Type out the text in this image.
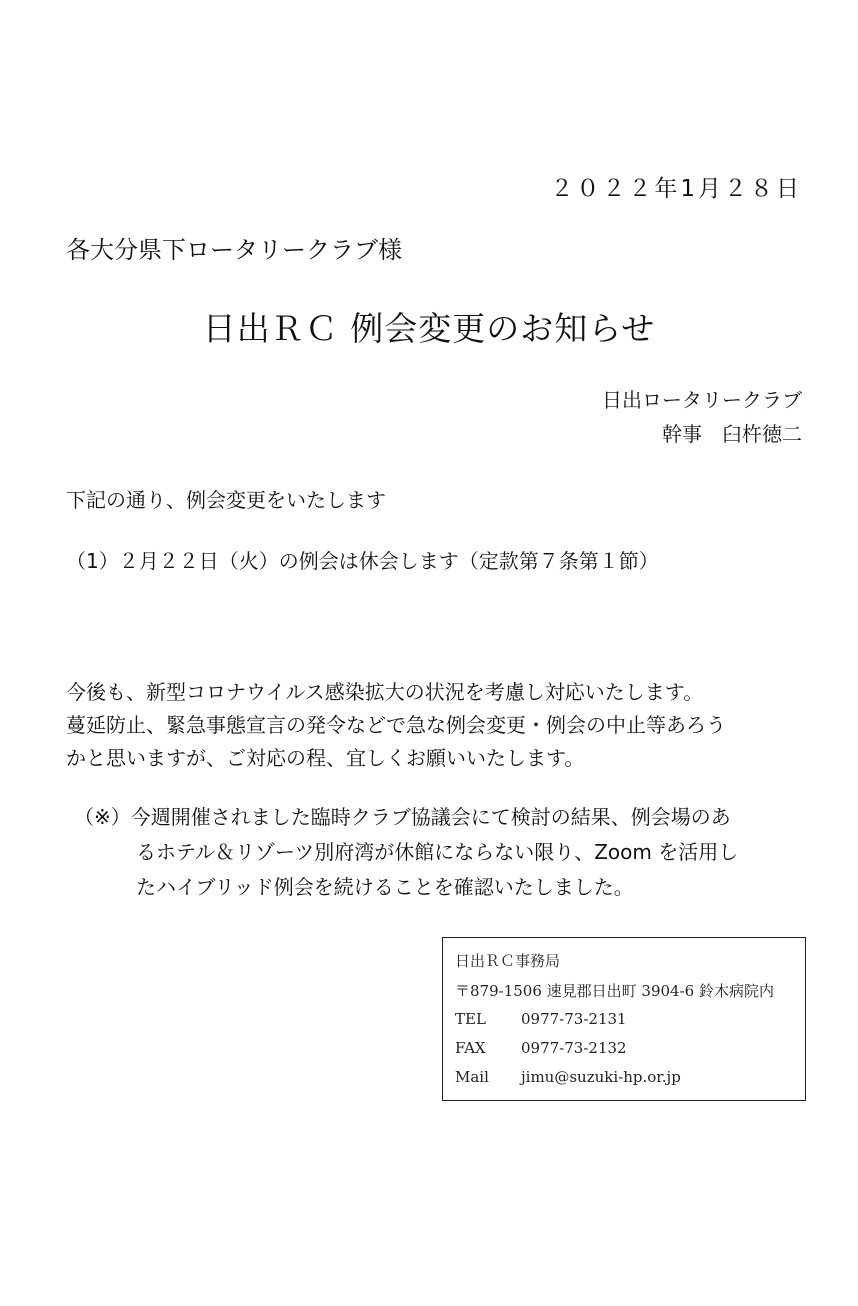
２０２２年1月２８日
各大分県下ロータリークラブ様
日出ＲＣ 例会変更のお知らせ
日出ロータリークラブ
幹事　臼杵徳二
下記の通り、例会変更をいたします
（1）２月２２日（火）の例会は休会します（定款第７条第１節）
今後も、新型コロナウイルス感染拡大の状況を考慮し対応いたします。
蔓延防止、緊急事態宣言の発令などで急な例会変更・例会の中止等あろう
かと思いますが、ご対応の程、宜しくお願いいたします。
（※）今週開催されました臨時クラブ協議会にて検討の結果、例会場のあ
るホテル＆リゾーツ別府湾が休館にならない限り、Zoom を活用し
たハイブリッド例会を続けることを確認いたしました。
日出ＲＣ事務局
〒879-1506 速見郡日出町 3904-6 鈴木病院内
TEL 0977-73-2131
FAX 0977-73-2132
Mail jimu@suzuki-hp.or.jp
